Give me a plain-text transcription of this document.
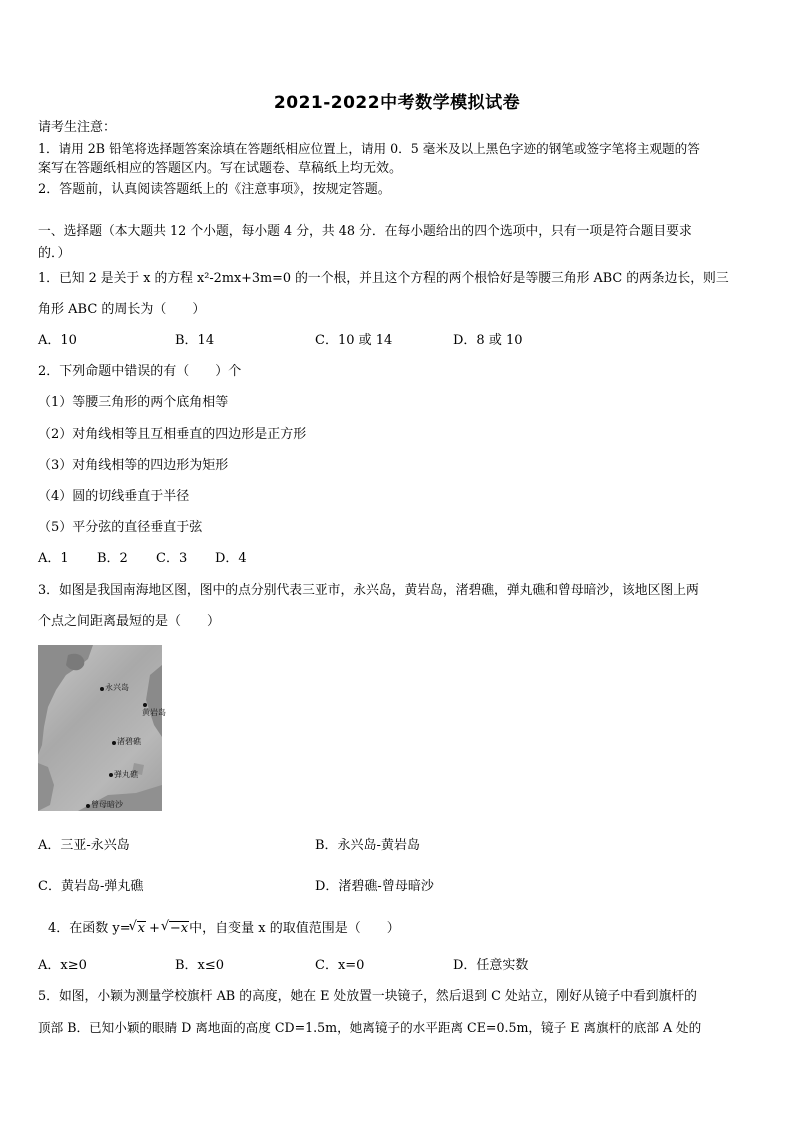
2021-2022中考数学模拟试卷
请考生注意：
1．请用 2B 铅笔将选择题答案涂填在答题纸相应位置上，请用 0．5 毫米及以上黑色字迹的钢笔或签字笔将主观题的答
案写在答题纸相应的答题区内。写在试题卷、草稿纸上均无效。
2．答题前，认真阅读答题纸上的《注意事项》，按规定答题。
一、选择题（本大题共 12 个小题，每小题 4 分，共 48 分．在每小题给出的四个选项中，只有一项是符合题目要求
的．）
1．已知 2 是关于 x 的方程 x²-2mx+3m=0 的一个根，并且这个方程的两个根恰好是等腰三角形 ABC 的两条边长，则三
角形 ABC 的周长为（　　）
A．10	B．14	C．10 或 14	D．8 或 10
2．下列命题中错误的有（　　）个
（1）等腰三角形的两个底角相等
（2）对角线相等且互相垂直的四边形是正方形
（3）对角线相等的四边形为矩形
（4）圆的切线垂直于半径
（5）平分弦的直径垂直于弦
A．1 B．2 C．3 D．4
3．如图是我国南海地区图，图中的点分别代表三亚市，永兴岛，黄岩岛，渚碧礁，弹丸礁和曾母暗沙，该地区图上两
个点之间距离最短的是（　　）
永兴岛
黄岩岛
渚碧礁
弹丸礁
曾母暗沙
A．三亚-永兴岛	B．永兴岛-黄岩岛
C．黄岩岛-弹丸礁	D．渚碧礁-曾母暗沙
4．在函数 y= √ x + √ −x中，自变量 x 的取值范围是（　　）
A．x≥0	B．x≤0	C．x=0	D．任意实数
5．如图，小颖为测量学校旗杆 AB 的高度，她在 E 处放置一块镜子，然后退到 C 处站立，刚好从镜子中看到旗杆的
顶部 B．已知小颖的眼睛 D 离地面的高度 CD=1.5m，她离镜子的水平距离 CE=0.5m，镜子 E 离旗杆的底部 A 处的
